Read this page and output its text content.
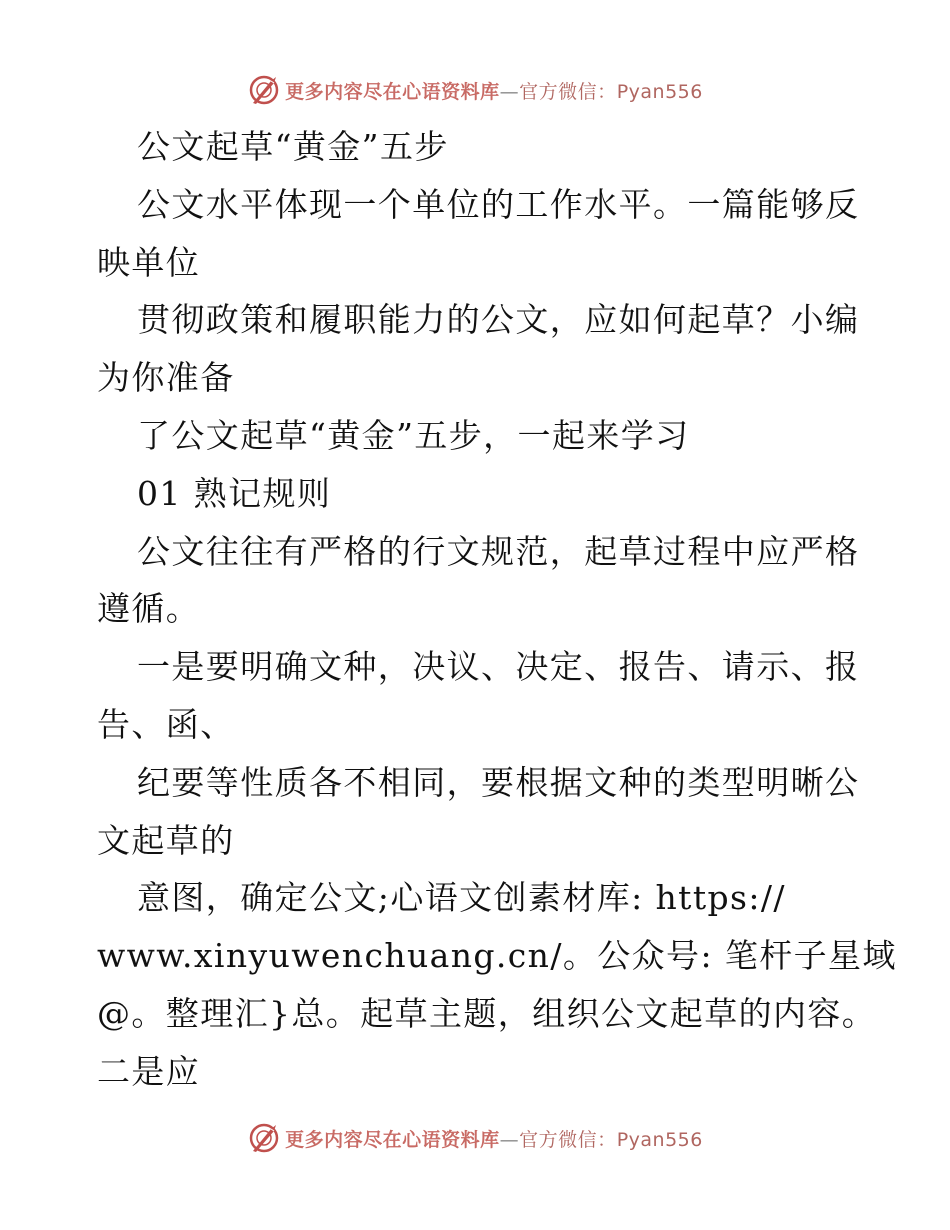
更多内容尽在心语资料库—官方微信：Pyan556
公文起草“黄金”五步
公文水平体现一个单位的工作水平。一篇能够反
映单位
贯彻政策和履职能力的公文，应如何起草？小编
为你准备
了公文起草“黄金”五步，一起来学习
01 熟记规则
公文往往有严格的行文规范，起草过程中应严格
遵循。
一是要明确文种，决议、决定、报告、请示、报
告、函、
纪要等性质各不相同，要根据文种的类型明晰公
文起草的
意图，确定公文;心语文创素材库: https://
www.xinyuwenchuang.cn/。公众号: 笔杆子星域
@。整理汇}总。起草主题，组织公文起草的内容。
二是应
更多内容尽在心语资料库—官方微信：Pyan556
